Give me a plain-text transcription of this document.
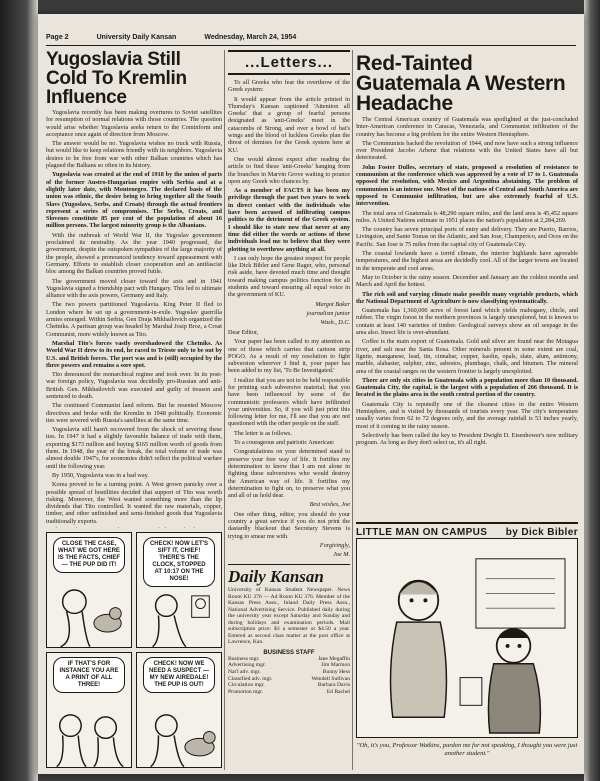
Page 2	University Daily Kansan	Wednesday, March 24, 1954
Yugoslavia Still Cold To Kremlin Influence

Yugoslavia recently has been making overtures to Soviet satellites for resumption of normal relations with those countries. The question would arise whether Yugoslavia seeks return to the Cominform and acceptance once again of direction from Moscow.

The answer would be no. Yugoslavia wishes no truck with Russia, but would like to keep relations friendly with its neighbors. Yugoslavia desires to be free from war with other Balkan countries which has plagued the Balkans so often in its history.

Yugoslavia was created at the end of 1918 by the union of parts of the former Austro-Hungarian empire with Serbia and at a slightly later date, with Montenegro. The declared basis of the union was ethnic, the desire being to bring together all the South Slavs (Yugoslavs, Serbs, and Croats) through the actual frontiers represent a series of compromises. The Serbs, Croats, and Slovenes constitute 85 per cent of the population of about 16 million persons. The largest minority group is the Albanians.

With the outbreak of World War II, the Yugoslav government proclaimed its neutrality. As the year 1940 progressed, the government, despite the outspoken sympathies of the large majority of the people, showed a pronounced tendency toward appeasement with Germany. Efforts to establish closer cooperation and an antifascist bloc among the Balkan countries proved futile.

The government moved closer toward the axis and in 1941 Yugoslavia signed a friendship pact with Hungary. This led to ultimate alliance with the axis powers, Germany and Italy.

The two powers partitioned Yugoslavia. King Peter II fled to London where he set up a government-in-exile. Yugoslav guerrilla armies emerged. Within Serbia, Gen Draja Mikhailovich organized the Chetniks. A partisan group was headed by Marshal Josip Broz, a Croat Communist, more widely known as Tito.

Marshal Tito's forces vastly overshadowed the Chetniks. As World War II drew to its end, he raced to Trieste only to be out by U.S. and British forces. The port was and is (still) occupied by the three powers and remains a sore spot.

Tito denounced the monarchical regime and took over. In its post-war foreign policy, Yugoslavia was decidedly pro-Russian and anti-British. Gen. Mikhailovich was executed and guilty of treason and sentenced to death.

The continued Communist land reform. But he resented Moscow directives and broke with the Kremlin in 1948 politically. Economic ties were severed with Russia's satellites at the same time.

Yugoslavia still hasn't recovered from the shock of severing these ties. In 1947 it had a slightly favorable balance of trade with them, exporting $173 million and buying $165 million worth of goods from them. In 1948, the year of the break, the total volume of trade was almost double 1947's, for economies didn't reflect the political warfare until the following year.

By 1950, Yugoslavia was in a bad way.

Korea proved to be a turning point. A West grown panicky over a possible spread of hostilities decided that support of Tito was worth risking. Moreover, the West wanted something more than the lip dividends that Tito controlled. It wanted the raw materials, copper, timber, and other unfinished and semi-finished goods that Yugoslavia traditionally exports.

CLOSE THE CASE, WHAT WE GOT HERE IS THE FACTS, CHIEF — THE PUP DID IT!
CHECK! NOW LET'S SIFT IT, CHIEF! THERE'S THE CLOCK, STOPPED AT 10:17 ON THE NOSE!
IF THAT'S FOR INSTANCE YOU ARE A PRINT OF ALL THREE!
CHECK! NOW WE NEED A SUSPECT — MY NEW AIREDALE! THE PUP IS OUT!
...Letters...

To all Greeks who fear the overthrow of the Greek system:

It would appear from the article printed in Thursday's Kansan captioned 'Attention all Greeks' that a group of fearful persons designated as 'anti-Greeks' meet in the catacombs of Strong, and over a bowl of bat's wings and the blood of luckless Greeks plan the direst of demises for the Greek system here at KU.

One would almost expect after reading the article to find these 'anti-Greeks' hanging from the branches in Marvin Grove waiting to pounce upon any Greek who chances by.

As a member of FACTS it has been my privilege through the past two years to work in direct contact with the individuals who have been accused of infiltrating campus politics to the detriment of the Greek system. I should like to state now that never at any time did either the words or actions of these individuals lead me to believe that they were plotting to overthrow anything at all.

I can only hope the greatest respect for people like Dick Bibler and Gene Rager, who, personal risk aside, have devoted much time and thought toward making campus politics function for all students and toward ensuring all equal voice in the government of KU.

Margot Baker

journalism junior

Wash., D.C.

Dear Editor,

Your paper has been called to my attention as one of those which carries that cartoon strip POGO. As a result of my resolution to fight subversion wherever I find it, your paper has been added to my list, 'To Be Investigated.'

I realize that you are not to be held responsible for printing such subversive material; that you have been influenced by some of the communistic professors which have infiltrated your universities. So, if you will just print this following letter for me, I'll see that you are not questioned with the other people on the staff.

The letter is as follows.

To a courageous and patriotic American:

Congratulations on your determined stand to preserve your free way of life. It fortifies my determination to know that I am not alone in fighting these subversives who would destroy the American way of life. It fortifies my determination to fight on, to preserve what you and all of us hold dear.

Best wishes, Joe

One other thing, editor, you should do your country a great service if you do not print the dastardly blackout that Secretary Stevens is trying to smear me with.

Forgivingly,

Joe M.

Daily Kansan

University of Kansas Student Newspaper. News Room KU 376 — Ad Room KU 376. Member of the Kansas Press Assn., Inland Daily Press Assn., National Advertising Service. Published daily during the university year except Saturday and Sunday and during holidays and examination periods. Mail subscription price: $3 a semester or $4.50 a year. Entered as second class matter at the post office at Lawrence, Kan.

BUSINESS STAFF
Business mgr.	Jane Megaffin
Advertising mgr.	Jim Marmon
Nat'l adv. mgr.	Bunny Hess
Classified adv. mgr.	Wendell Sullivan
Circulation mgr.	Barbara Davis
Promotion mgr.	Ed Rachel
Red-Tainted Guatemala A Western Headache

The Central American country of Guatemala was spotlighted at the just-concluded Inter-American conference in Caracas, Venezuela, and Communist infiltration of the country has become a big problem for the entire Western Hemisphere.

The Communists backed the revolution of 1944, and now have such a strong influence over President Jacobo Arbenz that relations with the United States have all but deteriorated.

John Foster Dulles, secretary of state, proposed a resolution of resistance to communism at the conference which was approved by a vote of 17 to 1. Guatemala opposed the resolution, with Mexico and Argentina abstaining. The problem of communism is an intense one. Most of the nations of Central and South America are opposed to Communist infiltration, but are also extremely fearful of U.S. intervention.

The total area of Guatemala is 48,290 square miles, and the land area is 45,452 square miles. A United Nations estimate in 1951 places the nation's population at 2,284,269.

The country has seven principal ports of entry and delivery. They are Puerto, Barrios, Livingston, and Santo Tomas on the Atlantic, and San Jose, Champerico, and Ocos on the Pacific. San Jose is 75 miles from the capital city of Guatemala City.

The coastal lowlands have a torrid climate, the interior highlands have agreeable temperatures, and the highest areas are decidedly cool. All of the larger towns are located in the temperate and cool areas.

May to October is the rainy season. December and January are the coldest months and March and April the hottest.

The rich soil and varying climate make possible many vegetable products, which the National Department of Agriculture is now classifying systematically.

Guatemala has 1,360,000 acres of forest land which yields mahogany, chicle, and rubber. The virgin forest in the northern provinces is largely unexplored, but is known to contain at least 140 varieties of timber. Geological surveys show an oil seepage in the area also. Insect life is over-abundant.

Coffee is the main export of Guatemala. Gold and silver are found near the Motagua river, and salt near the Santa Rosa. Other minerals present in some extent are coal, lignite, manganese, lead, tin, cinnabar, copper, kaolin, opals, slate, alum, antimony, marble, alabaster, sulphur, zinc, asbestos, plumbago, chalk, and bitumen. The mineral area of the coastal ranges on the western frontier is largely unexploited.

There are only six cities in Guatemala with a population more than 10 thousand. Guatemala City, the capital, is the largest with a population of 266 thousand. It is located in the plains area in the south central portion of the country.

Guatemala City is reputedly one of the cleanest cities in the entire Western Hemisphere, and is visited by thousands of tourists every year. The city's temperature usually varies from 62 to 72 degrees only, and the average rainfall is 53 inches yearly, most of it coming in the rainy season.

Selectively has been called the key to President Dwight D. Eisenhower's new military program. As long as they don't select us, it's all right.

LITTLE MAN ON CAMPUS by Dick Bibler

"Oh, it's you, Professor Watkins, pardon me for not speaking, I thought you were just another student."
